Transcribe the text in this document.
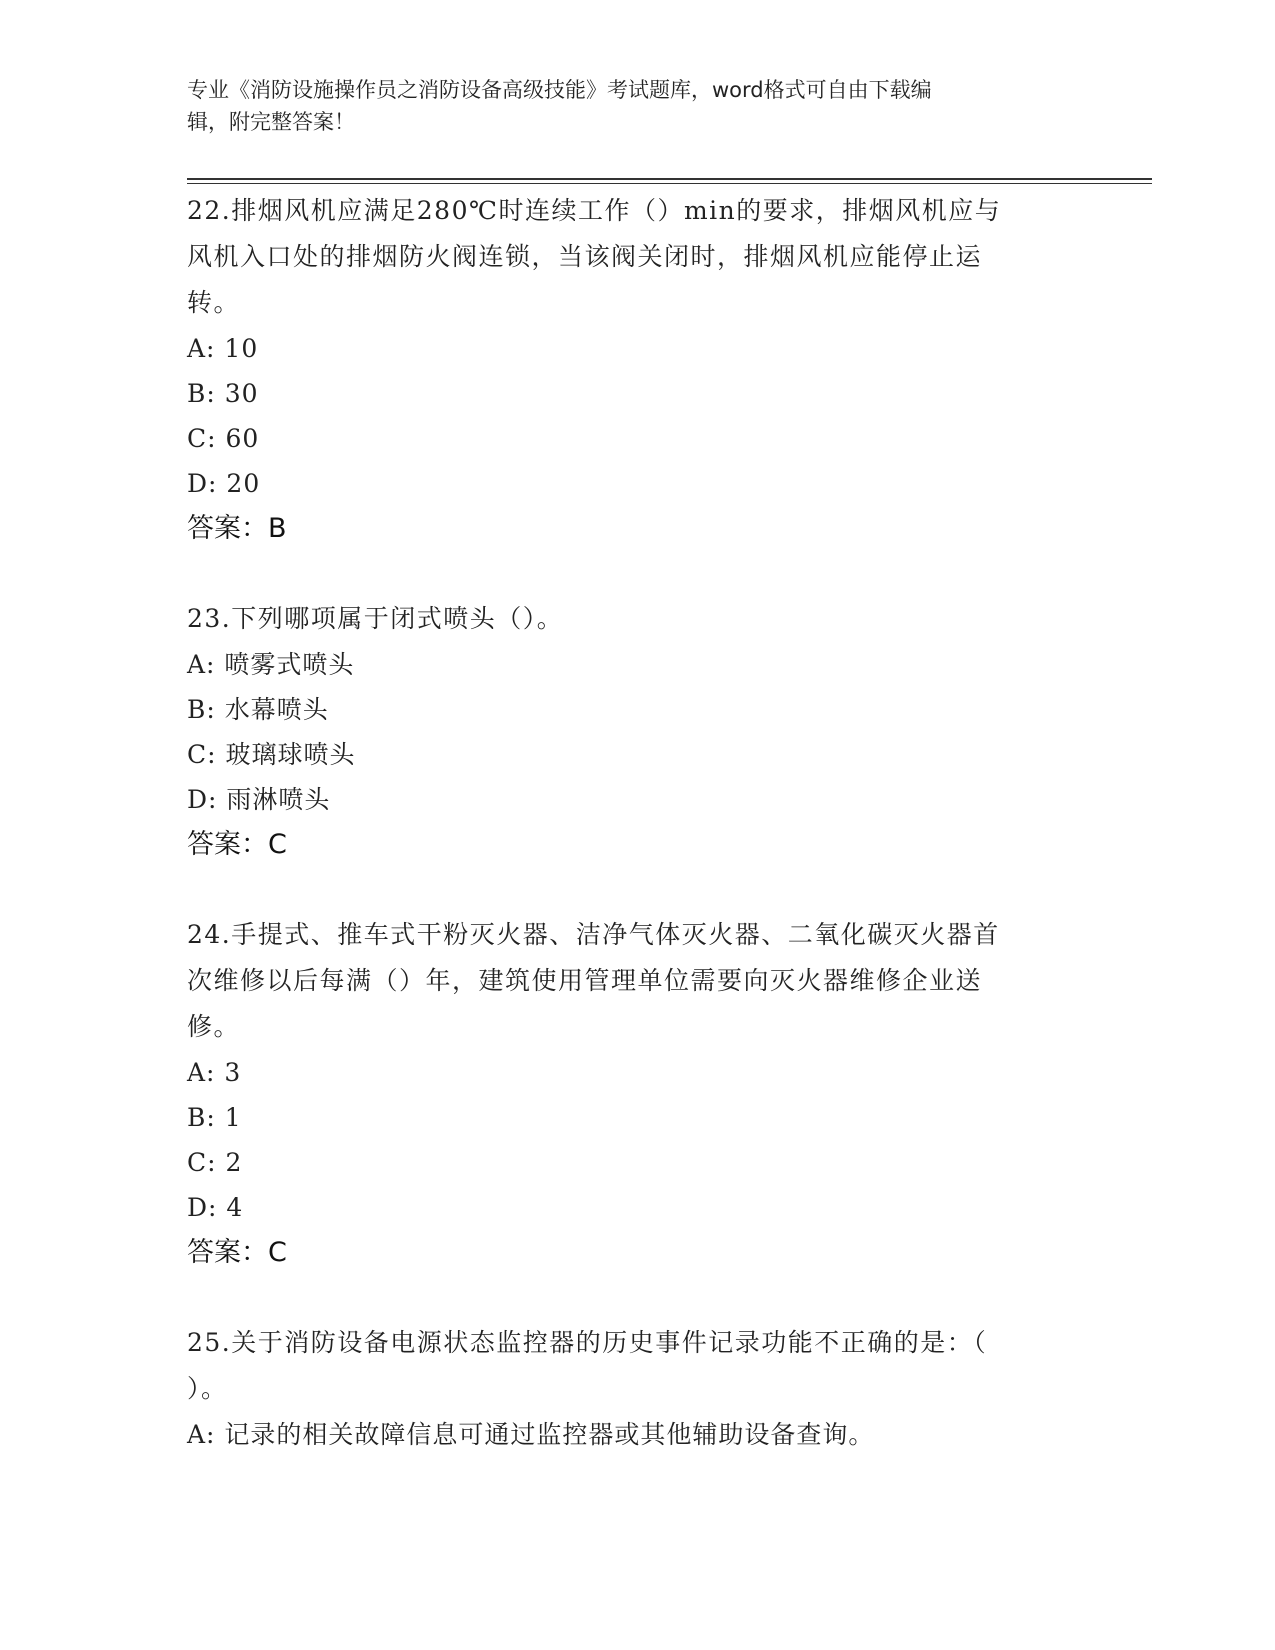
专业《消防设施操作员之消防设备高级技能》考试题库，word格式可自由下载编
辑，附完整答案！

22.排烟风机应满足280℃时连续工作（）min的要求，排烟风机应与

风机入口处的排烟防火阀连锁，当该阀关闭时，排烟风机应能停止运

转。

A: 10

B: 30

C: 60

D: 20

答案：B

23.下列哪项属于闭式喷头（）。

A: 喷雾式喷头

B: 水幕喷头

C: 玻璃球喷头

D: 雨淋喷头

答案：C

24.手提式、推车式干粉灭火器、洁净气体灭火器、二氧化碳灭火器首

次维修以后每满（）年，建筑使用管理单位需要向灭火器维修企业送

修。

A: 3

B: 1

C: 2

D: 4

答案：C

25.关于消防设备电源状态监控器的历史事件记录功能不正确的是：（

）。

A: 记录的相关故障信息可通过监控器或其他辅助设备查询。
